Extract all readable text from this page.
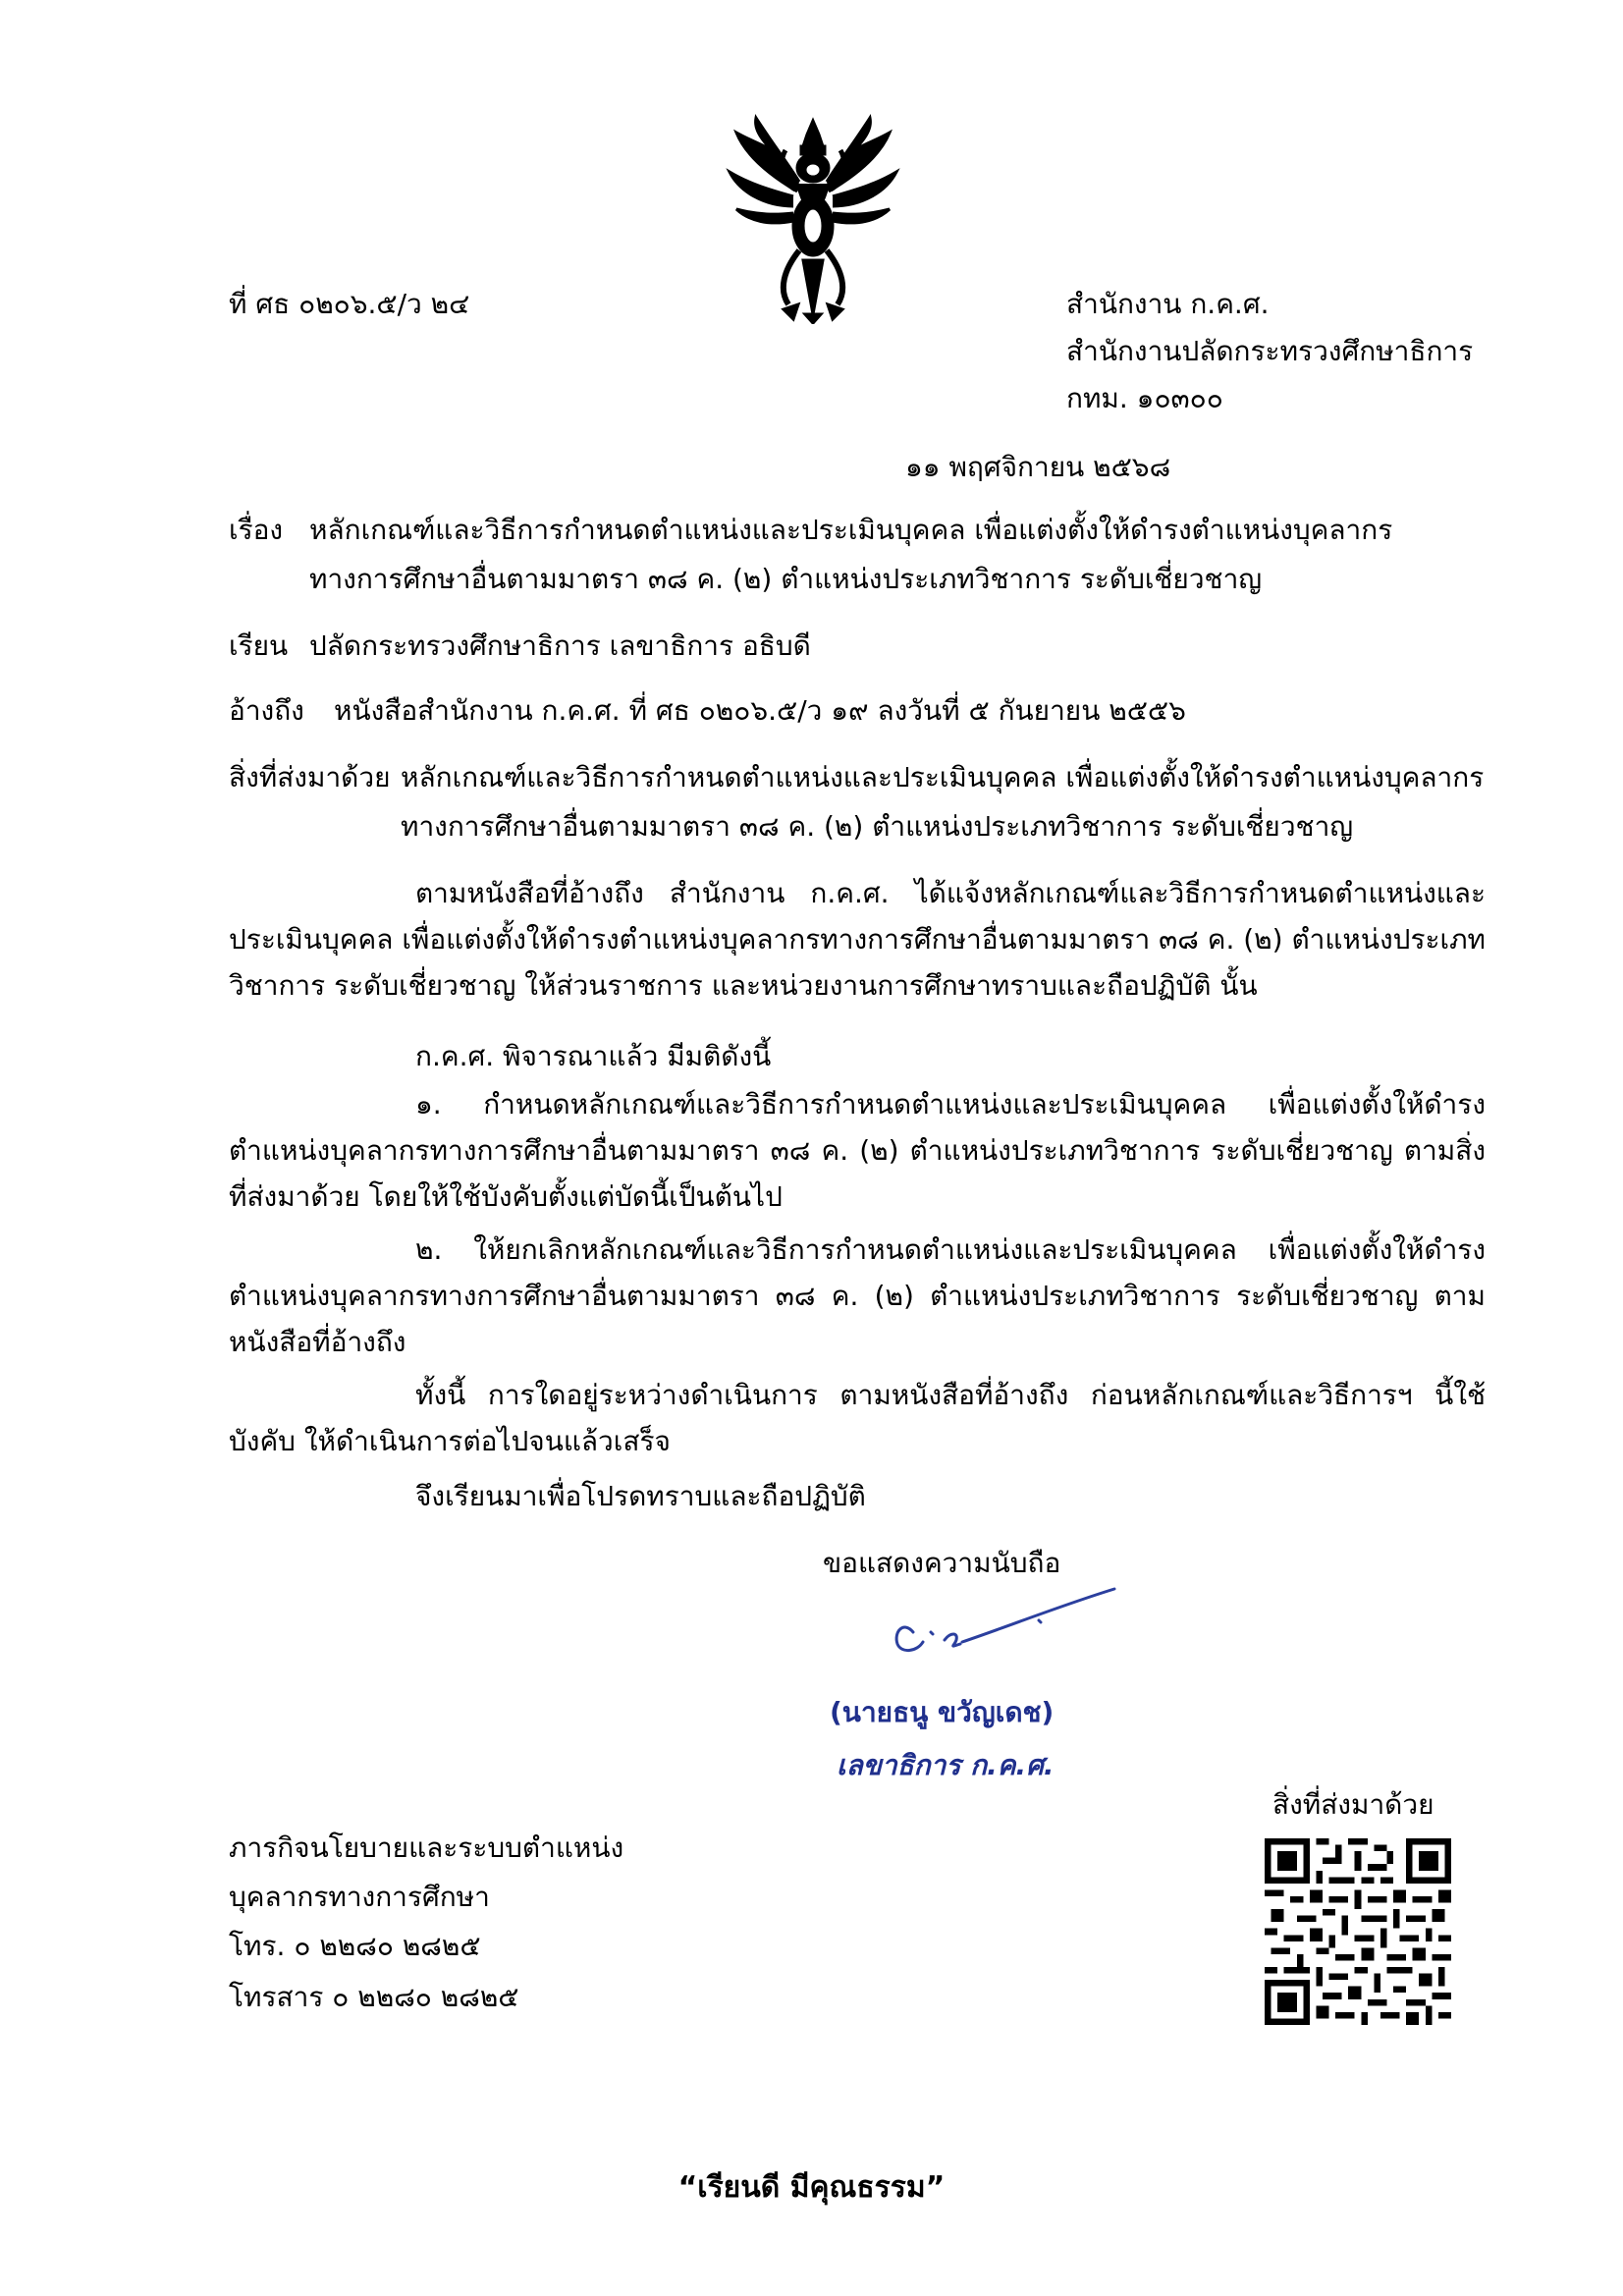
ที่ ศธ ๐๒๐๖.๕/ว ๒๔	สำนักงาน ก.ค.ศ.
สำนักงานปลัดกระทรวงศึกษาธิการ
กทม. ๑๐๓๐๐
๑๑ พฤศจิกายน ๒๕๖๘
เรื่อง หลักเกณฑ์และวิธีการกำหนดตำแหน่งและประเมินบุคคล เพื่อแต่งตั้งให้ดำรงตำแหน่งบุคลากร
ทางการศึกษาอื่นตามมาตรา ๓๘ ค. (๒) ตำแหน่งประเภทวิชาการ ระดับเชี่ยวชาญ
เรียน ปลัดกระทรวงศึกษาธิการ เลขาธิการ อธิบดี
อ้างถึง หนังสือสำนักงาน ก.ค.ศ. ที่ ศธ ๐๒๐๖.๕/ว ๑๙ ลงวันที่ ๕ กันยายน ๒๕๕๖
สิ่งที่ส่งมาด้วย หลักเกณฑ์และวิธีการกำหนดตำแหน่งและประเมินบุคคล เพื่อแต่งตั้งให้ดำรงตำแหน่งบุคลากร
ทางการศึกษาอื่นตามมาตรา ๓๘ ค. (๒) ตำแหน่งประเภทวิชาการ ระดับเชี่ยวชาญ

ตามหนังสือที่อ้างถึง สำนักงาน ก.ค.ศ. ได้แจ้งหลักเกณฑ์และวิธีการกำหนดตำแหน่งและประเมินบุคคล เพื่อแต่งตั้งให้ดำรงตำแหน่งบุคลากรทางการศึกษาอื่นตามมาตรา ๓๘ ค. (๒) ตำแหน่งประเภทวิชาการ ระดับเชี่ยวชาญ ให้ส่วนราชการ และหน่วยงานการศึกษาทราบและถือปฏิบัติ นั้น

ก.ค.ศ. พิจารณาแล้ว มีมติดังนี้

๑. กำหนดหลักเกณฑ์และวิธีการกำหนดตำแหน่งและประเมินบุคคล เพื่อแต่งตั้งให้ดำรงตำแหน่งบุคลากรทางการศึกษาอื่นตามมาตรา ๓๘ ค. (๒) ตำแหน่งประเภทวิชาการ ระดับเชี่ยวชาญ ตามสิ่งที่ส่งมาด้วย โดยให้ใช้บังคับตั้งแต่บัดนี้เป็นต้นไป

๒. ให้ยกเลิกหลักเกณฑ์และวิธีการกำหนดตำแหน่งและประเมินบุคคล เพื่อแต่งตั้งให้ดำรงตำแหน่งบุคลากรทางการศึกษาอื่นตามมาตรา ๓๘ ค. (๒) ตำแหน่งประเภทวิชาการ ระดับเชี่ยวชาญ ตามหนังสือที่อ้างถึง

ทั้งนี้ การใดอยู่ระหว่างดำเนินการ ตามหนังสือที่อ้างถึง ก่อนหลักเกณฑ์และวิธีการฯ นี้ใช้บังคับ ให้ดำเนินการต่อไปจนแล้วเสร็จ

จึงเรียนมาเพื่อโปรดทราบและถือปฏิบัติ

ขอแสดงความนับถือ
(นายธนู ขวัญเดช)
เลขาธิการ ก.ค.ศ.
ภารกิจนโยบายและระบบตำแหน่ง
บุคลากรทางการศึกษา
โทร. ๐ ๒๒๘๐ ๒๘๒๕
โทรสาร ๐ ๒๒๘๐ ๒๘๒๕
สิ่งที่ส่งมาด้วย
“เรียนดี มีคุณธรรม”
